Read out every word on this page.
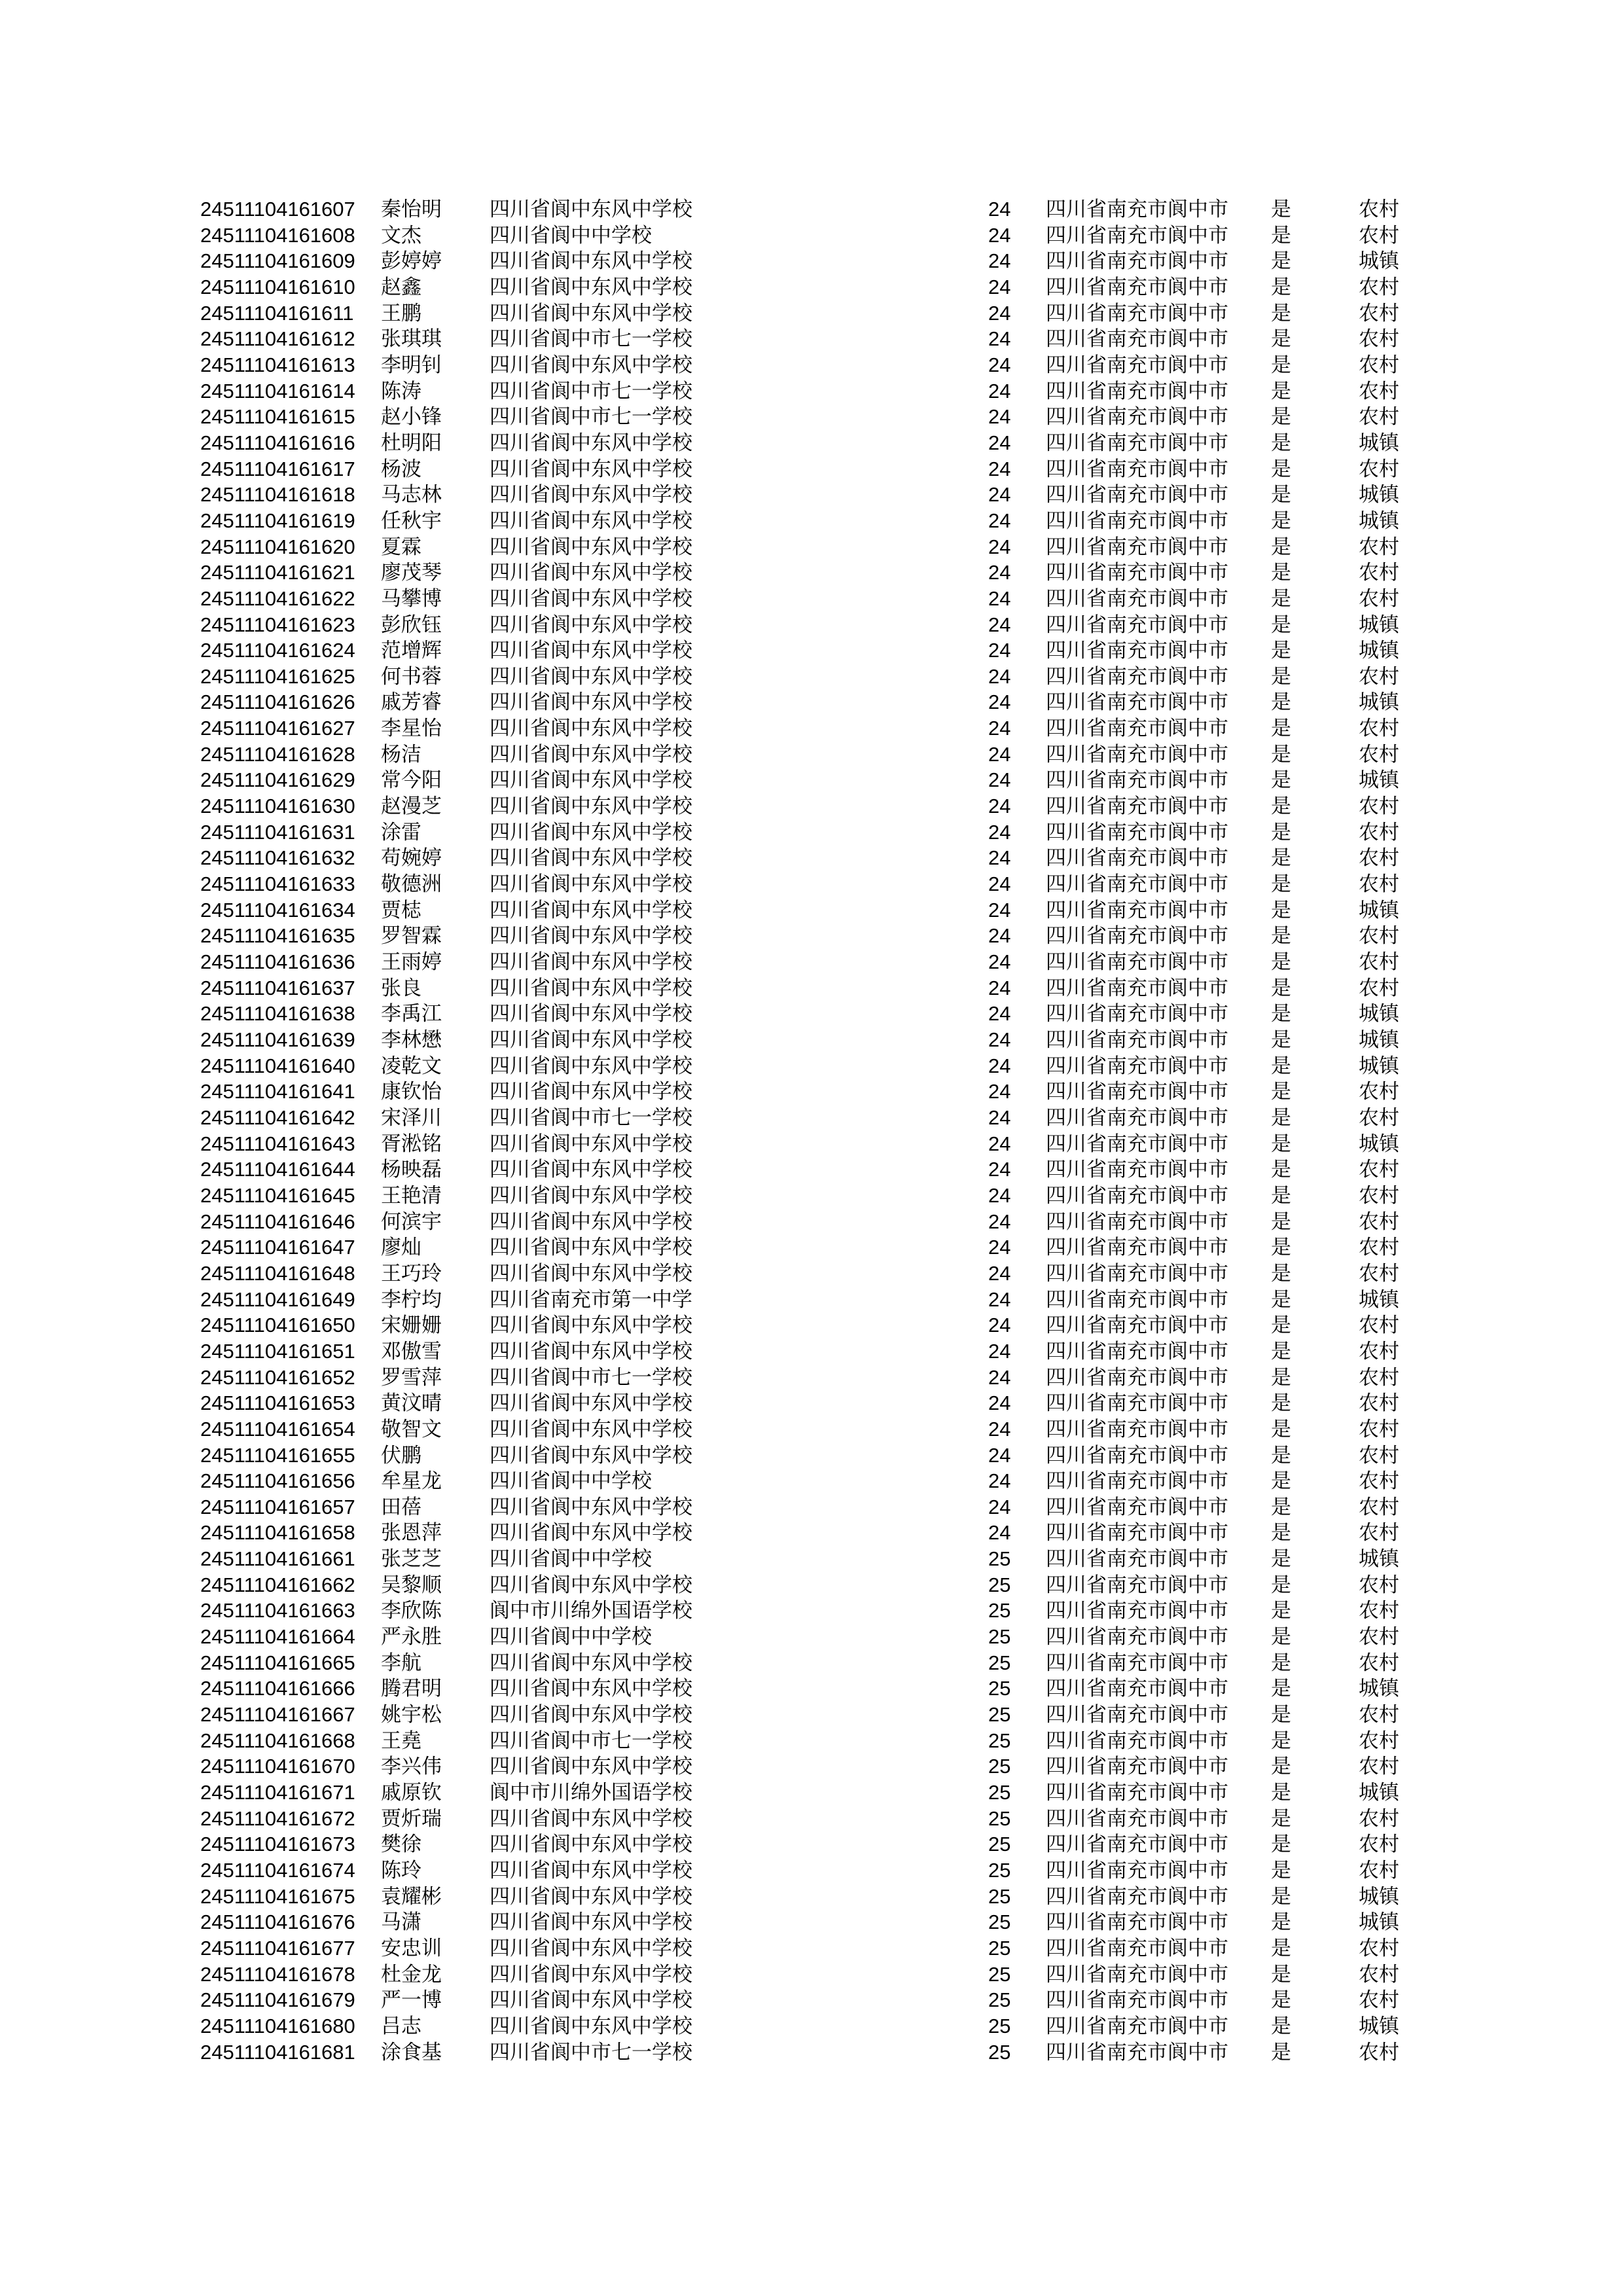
24511104161607	秦怡明	四川省阆中东风中学校	24	四川省南充市阆中市	是	农村
24511104161608	文杰	四川省阆中中学校	24	四川省南充市阆中市	是	农村
24511104161609	彭婷婷	四川省阆中东风中学校	24	四川省南充市阆中市	是	城镇
24511104161610	赵鑫	四川省阆中东风中学校	24	四川省南充市阆中市	是	农村
24511104161611	王鹏	四川省阆中东风中学校	24	四川省南充市阆中市	是	农村
24511104161612	张琪琪	四川省阆中市七一学校	24	四川省南充市阆中市	是	农村
24511104161613	李明钊	四川省阆中东风中学校	24	四川省南充市阆中市	是	农村
24511104161614	陈涛	四川省阆中市七一学校	24	四川省南充市阆中市	是	农村
24511104161615	赵小锋	四川省阆中市七一学校	24	四川省南充市阆中市	是	农村
24511104161616	杜明阳	四川省阆中东风中学校	24	四川省南充市阆中市	是	城镇
24511104161617	杨波	四川省阆中东风中学校	24	四川省南充市阆中市	是	农村
24511104161618	马志林	四川省阆中东风中学校	24	四川省南充市阆中市	是	城镇
24511104161619	任秋宇	四川省阆中东风中学校	24	四川省南充市阆中市	是	城镇
24511104161620	夏霖	四川省阆中东风中学校	24	四川省南充市阆中市	是	农村
24511104161621	廖茂琴	四川省阆中东风中学校	24	四川省南充市阆中市	是	农村
24511104161622	马攀博	四川省阆中东风中学校	24	四川省南充市阆中市	是	农村
24511104161623	彭欣钰	四川省阆中东风中学校	24	四川省南充市阆中市	是	城镇
24511104161624	范增辉	四川省阆中东风中学校	24	四川省南充市阆中市	是	城镇
24511104161625	何书蓉	四川省阆中东风中学校	24	四川省南充市阆中市	是	农村
24511104161626	戚芳睿	四川省阆中东风中学校	24	四川省南充市阆中市	是	城镇
24511104161627	李星怡	四川省阆中东风中学校	24	四川省南充市阆中市	是	农村
24511104161628	杨洁	四川省阆中东风中学校	24	四川省南充市阆中市	是	农村
24511104161629	常今阳	四川省阆中东风中学校	24	四川省南充市阆中市	是	城镇
24511104161630	赵漫芝	四川省阆中东风中学校	24	四川省南充市阆中市	是	农村
24511104161631	涂雷	四川省阆中东风中学校	24	四川省南充市阆中市	是	农村
24511104161632	苟婉婷	四川省阆中东风中学校	24	四川省南充市阆中市	是	农村
24511104161633	敬德洲	四川省阆中东风中学校	24	四川省南充市阆中市	是	农村
24511104161634	贾梽	四川省阆中东风中学校	24	四川省南充市阆中市	是	城镇
24511104161635	罗智霖	四川省阆中东风中学校	24	四川省南充市阆中市	是	农村
24511104161636	王雨婷	四川省阆中东风中学校	24	四川省南充市阆中市	是	农村
24511104161637	张良	四川省阆中东风中学校	24	四川省南充市阆中市	是	农村
24511104161638	李禹江	四川省阆中东风中学校	24	四川省南充市阆中市	是	城镇
24511104161639	李林懋	四川省阆中东风中学校	24	四川省南充市阆中市	是	城镇
24511104161640	凌乾文	四川省阆中东风中学校	24	四川省南充市阆中市	是	城镇
24511104161641	康钦怡	四川省阆中东风中学校	24	四川省南充市阆中市	是	农村
24511104161642	宋泽川	四川省阆中市七一学校	24	四川省南充市阆中市	是	农村
24511104161643	胥淞铭	四川省阆中东风中学校	24	四川省南充市阆中市	是	城镇
24511104161644	杨映磊	四川省阆中东风中学校	24	四川省南充市阆中市	是	农村
24511104161645	王艳清	四川省阆中东风中学校	24	四川省南充市阆中市	是	农村
24511104161646	何滨宇	四川省阆中东风中学校	24	四川省南充市阆中市	是	农村
24511104161647	廖灿	四川省阆中东风中学校	24	四川省南充市阆中市	是	农村
24511104161648	王巧玲	四川省阆中东风中学校	24	四川省南充市阆中市	是	农村
24511104161649	李柠均	四川省南充市第一中学	24	四川省南充市阆中市	是	城镇
24511104161650	宋姗姗	四川省阆中东风中学校	24	四川省南充市阆中市	是	农村
24511104161651	邓傲雪	四川省阆中东风中学校	24	四川省南充市阆中市	是	农村
24511104161652	罗雪萍	四川省阆中市七一学校	24	四川省南充市阆中市	是	农村
24511104161653	黄汶晴	四川省阆中东风中学校	24	四川省南充市阆中市	是	农村
24511104161654	敬智文	四川省阆中东风中学校	24	四川省南充市阆中市	是	农村
24511104161655	伏鹏	四川省阆中东风中学校	24	四川省南充市阆中市	是	农村
24511104161656	牟星龙	四川省阆中中学校	24	四川省南充市阆中市	是	农村
24511104161657	田蓓	四川省阆中东风中学校	24	四川省南充市阆中市	是	农村
24511104161658	张恩萍	四川省阆中东风中学校	24	四川省南充市阆中市	是	农村
24511104161661	张芝芝	四川省阆中中学校	25	四川省南充市阆中市	是	城镇
24511104161662	吴黎顺	四川省阆中东风中学校	25	四川省南充市阆中市	是	农村
24511104161663	李欣陈	阆中市川绵外国语学校	25	四川省南充市阆中市	是	农村
24511104161664	严永胜	四川省阆中中学校	25	四川省南充市阆中市	是	农村
24511104161665	李航	四川省阆中东风中学校	25	四川省南充市阆中市	是	农村
24511104161666	腾君明	四川省阆中东风中学校	25	四川省南充市阆中市	是	城镇
24511104161667	姚宇松	四川省阆中东风中学校	25	四川省南充市阆中市	是	农村
24511104161668	王堯	四川省阆中市七一学校	25	四川省南充市阆中市	是	农村
24511104161670	李兴伟	四川省阆中东风中学校	25	四川省南充市阆中市	是	农村
24511104161671	戚原钦	阆中市川绵外国语学校	25	四川省南充市阆中市	是	城镇
24511104161672	贾炘瑞	四川省阆中东风中学校	25	四川省南充市阆中市	是	农村
24511104161673	樊徐	四川省阆中东风中学校	25	四川省南充市阆中市	是	农村
24511104161674	陈玲	四川省阆中东风中学校	25	四川省南充市阆中市	是	农村
24511104161675	袁耀彬	四川省阆中东风中学校	25	四川省南充市阆中市	是	城镇
24511104161676	马潇	四川省阆中东风中学校	25	四川省南充市阆中市	是	城镇
24511104161677	安忠训	四川省阆中东风中学校	25	四川省南充市阆中市	是	农村
24511104161678	杜金龙	四川省阆中东风中学校	25	四川省南充市阆中市	是	农村
24511104161679	严一博	四川省阆中东风中学校	25	四川省南充市阆中市	是	农村
24511104161680	吕志	四川省阆中东风中学校	25	四川省南充市阆中市	是	城镇
24511104161681	涂食基	四川省阆中市七一学校	25	四川省南充市阆中市	是	农村
